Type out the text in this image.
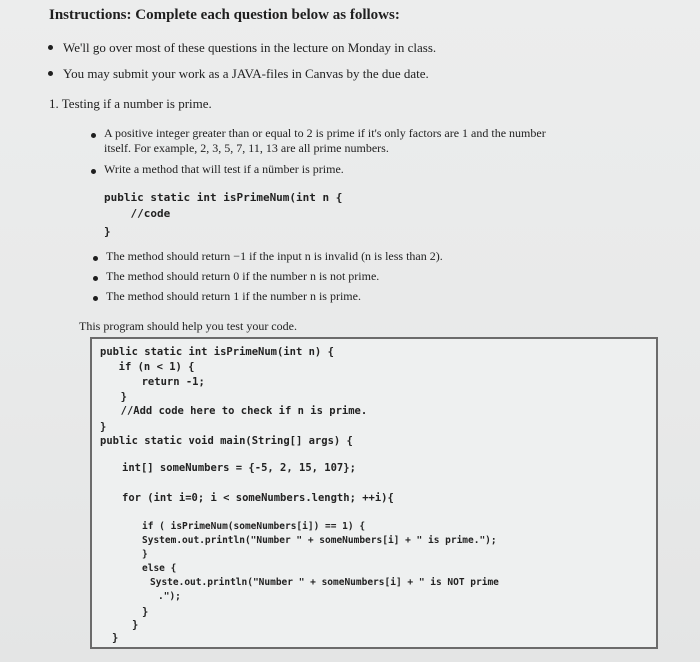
Instructions: Complete each question below as follows:
We'll go over most of these questions in the lecture on Monday in class.
You may submit your work as a JAVA-files in Canvas by the due date.
1. Testing if a number is prime.
A positive integer greater than or equal to 2 is prime if it's only factors are 1 and the number
itself. For example, 2, 3, 5, 7, 11, 13 are all prime numbers.
Write a method that will test if a nümber is prime.
public static int isPrimeNum(int n {
//code
}
The method should return −1 if the input n is invalid (n is less than 2).
The method should return 0 if the number n is not prime.
The method should return 1 if the number n is prime.
This program should help you test your code.
public static int isPrimeNum(int n) {
if (n < 1) {
return -1;
}
//Add code here to check if n is prime.
}
public static void main(String[] args) {
int[] someNumbers = {-5, 2, 15, 107};
for (int i=0; i < someNumbers.length; ++i){
if ( isPrimeNum(someNumbers[i]) == 1) {
System.out.println("Number " + someNumbers[i] + " is prime.");
}
else {
Syste.out.println("Number " + someNumbers[i] + " is NOT prime
.");
}
}
}
